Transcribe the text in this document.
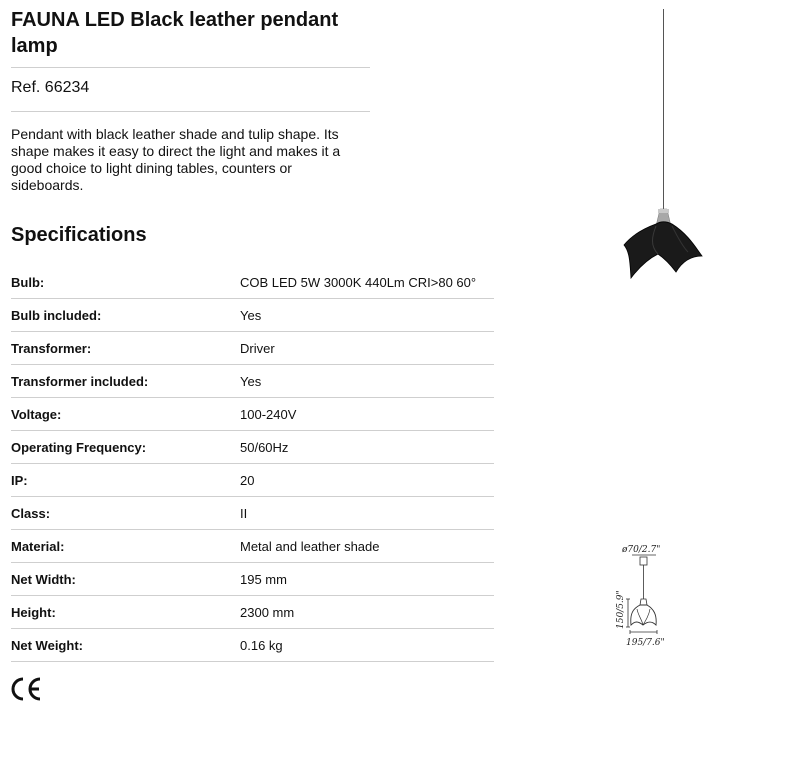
FAUNA LED Black leather pendant lamp

Ref. 66234

Pendant with black leather shade and tulip shape. Its shape makes it easy to direct the light and makes it a good choice to light dining tables, counters or sideboards.

Specifications
Bulb:	COB LED 5W 3000K 440Lm CRI>80 60°
Bulb included:	Yes
Transformer:	Driver
Transformer included:	Yes
Voltage:	100-240V
Operating Frequency:	50/60Hz
IP:	20
Class:	II
Material:	Metal and leather shade
Net Width:	195 mm
Height:	2300 mm
Net Weight:	0.16 kg
ø70/2.7"
150/5.9"
195/7.6"
